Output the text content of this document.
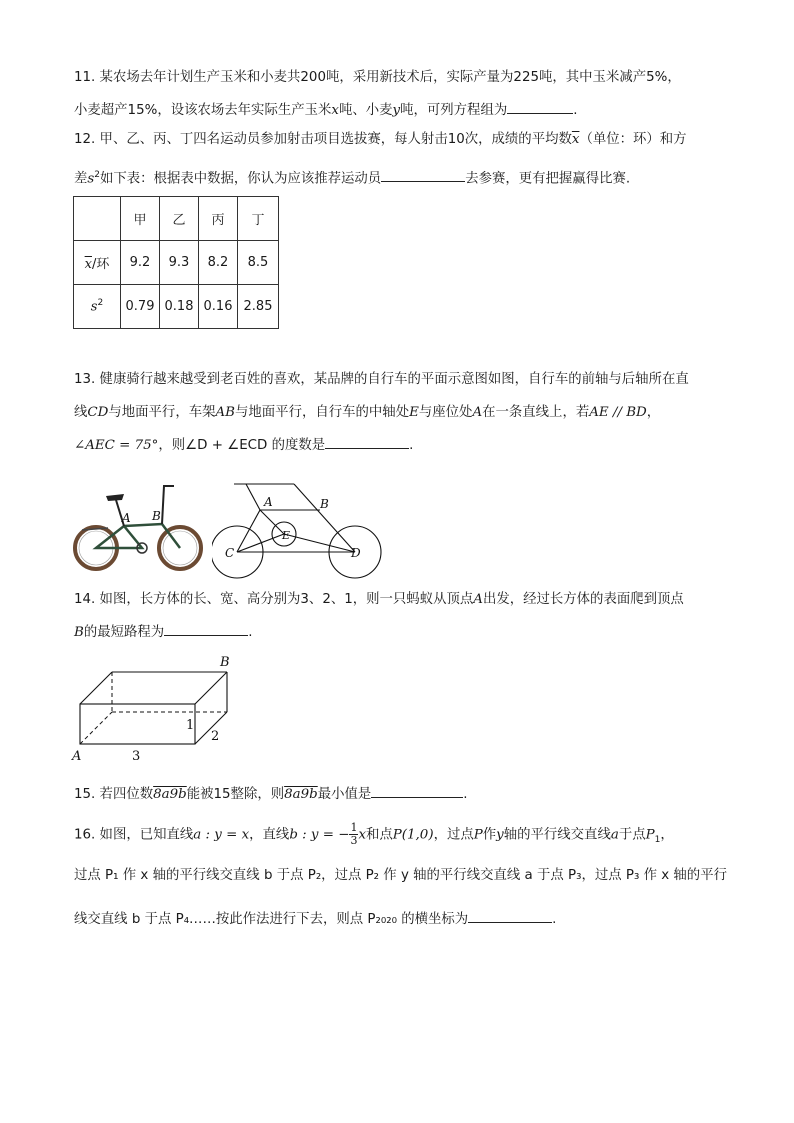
11. 某农场去年计划生产玉米和小麦共200吨，采用新技术后，实际产量为225吨，其中玉米减产5%，
小麦超产15%，设该农场去年实际生产玉米x吨、小麦y吨，可列方程组为	.
12. 甲、乙、丙、丁四名运动员参加射击项目选拔赛，每人射击10次，成绩的平均数$\overline{x}$（单位：环）和方
差$s^2$如下表：根据表中数据，你认为应该推荐运动员	去参赛，更有把握赢得比赛.
	甲	乙	丙	丁
$\overline{x}/$环	9.2	9.3	8.2	8.5
$s^2$	0.79	0.18	0.16	2.85
13. 健康骑行越来越受到老百姓的喜欢，某品牌的自行车的平面示意图如图，自行车的前轴与后轴所在直
线CD与地面平行，车架AB与地面平行，自行车的中轴处E与座位处A在一条直线上，若AE // BD，
∠AEC = 75°，则∠D + ∠ECD 的度数是	.
A B
A	B
C	D
E
14. 如图，长方体的长、宽、高分别为3、2、1，则一只蚂蚁从顶点A出发，经过长方体的表面爬到顶点
B的最短路程为	.
B
A	3
2
1
15. 若四位数8a9b能被15整除，则8a9b最小值是	.
16. 如图，已知直线a : y = x，直线b : y = − $\frac{1}{3}$ x和点P(1,0)，过点P作y轴的平行线交直线a于点$P_1$，
过点 P₁ 作 x 轴的平行线交直线 b 于点 P₂，过点 P₂ 作 y 轴的平行线交直线 a 于点 P₃，过点 P₃ 作 x 轴的平行
线交直线 b 于点 P₄……按此作法进行下去，则点 P₂₀₂₀ 的横坐标为	.
